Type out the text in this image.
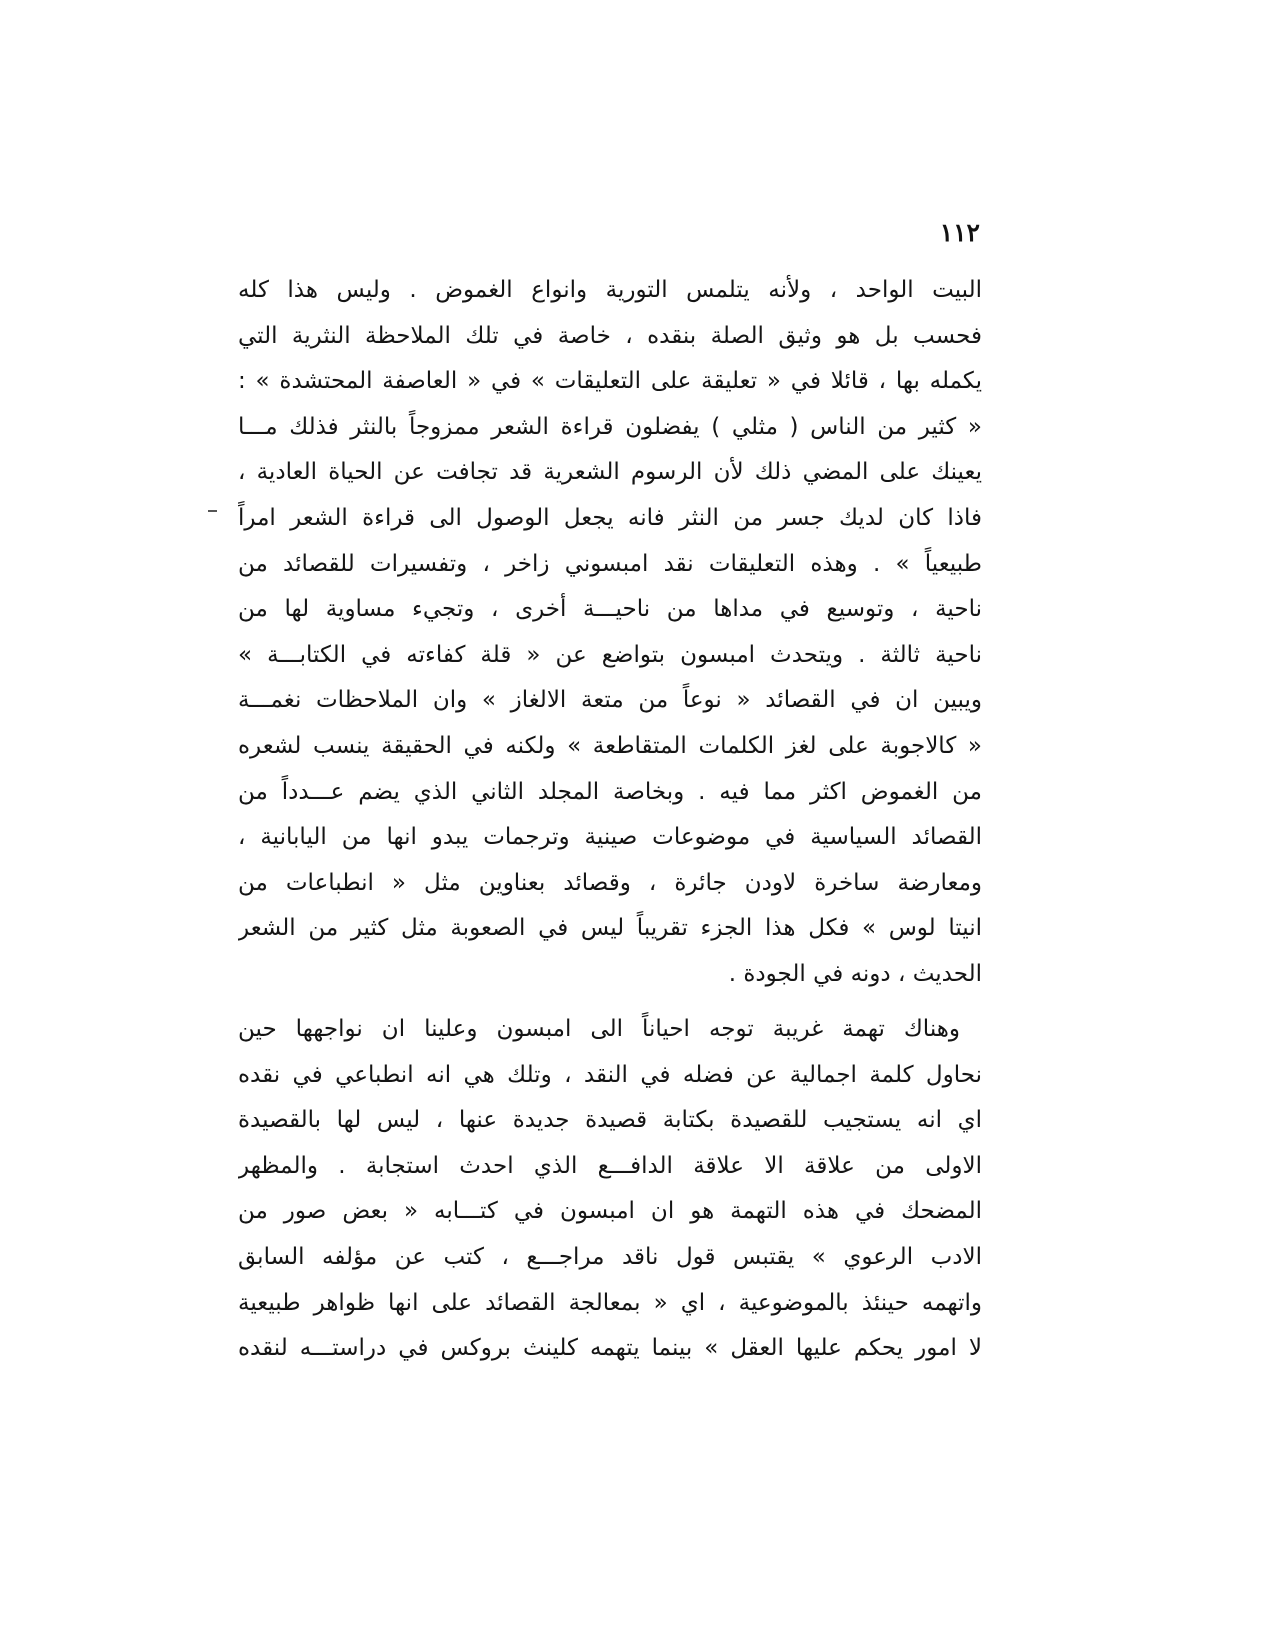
١١٢
البيت الواحد ، ولأنه يتلمس التورية وانواع الغموض . وليس هذا كله
فحسب بل هو وثيق الصلة بنقده ، خاصة في تلك الملاحظة النثرية التي
يكمله بها ، قائلا في « تعليقة على التعليقات » في « العاصفة المحتشدة » :
« كثير من الناس ( مثلي ) يفضلون قراءة الشعر ممزوجاً بالنثر فذلك مـــا
يعينك على المضي ذلك لأن الرسوم الشعرية قد تجافت عن الحياة العادية ،
فاذا كان لديك جسر من النثر فانه يجعل الوصول الى قراءة الشعر امراً
طبيعياً » . وهذه التعليقات نقد امبسوني زاخر ، وتفسيرات للقصائد من
ناحية ، وتوسيع في مداها من ناحيـــة أخرى ، وتجيء مساوية لها من
ناحية ثالثة . ويتحدث امبسون بتواضع عن « قلة كفاءته في الكتابـــة »
ويبين ان في القصائد « نوعاً من متعة الالغاز » وان الملاحظات نغمـــة
« كالاجوبة على لغز الكلمات المتقاطعة » ولكنه في الحقيقة ينسب لشعره
من الغموض اكثر مما فيه . وبخاصة المجلد الثاني الذي يضم عـــدداً من
القصائد السياسية في موضوعات صينية وترجمات يبدو انها من اليابانية ،
ومعارضة ساخرة لاودن جائرة ، وقصائد بعناوين مثل « انطباعات من
انيتا لوس » فكل هذا الجزء تقريباً ليس في الصعوبة مثل كثير من الشعر
الحديث ، دونه في الجودة .
وهناك تهمة غريبة توجه احياناً الى امبسون وعلينا ان نواجهها حين
نحاول كلمة اجمالية عن فضله في النقد ، وتلك هي انه انطباعي في نقده
اي انه يستجيب للقصيدة بكتابة قصيدة جديدة عنها ، ليس لها بالقصيدة
الاولى من علاقة الا علاقة الدافـــع الذي احدث استجابة . والمظهر
المضحك في هذه التهمة هو ان امبسون في كتـــابه « بعض صور من
الادب الرعوي » يقتبس قول ناقد مراجـــع ، كتب عن مؤلفه السابق
واتهمه حينئذ بالموضوعية ، اي « بمعالجة القصائد على انها ظواهر طبيعية
لا امور يحكم عليها العقل » بينما يتهمه كلينث بروكس في دراستـــه لنقده
